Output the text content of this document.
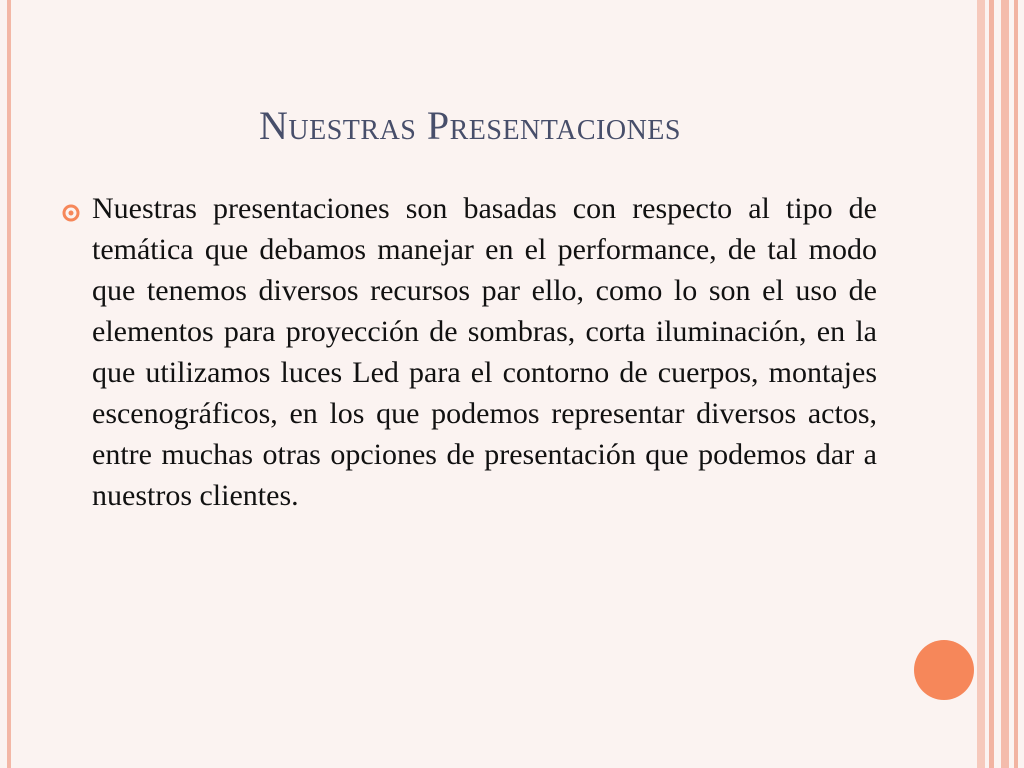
Nuestras Presentaciones
Nuestras presentaciones son basadas con respecto al tipo de temática que debamos manejar en el performance, de tal modo que tenemos diversos recursos par ello, como lo son el uso de elementos para proyección de sombras, corta iluminación, en la que utilizamos luces Led para el contorno de cuerpos, montajes escenográficos, en los que podemos representar diversos actos, entre muchas otras opciones de presentación que podemos dar a nuestros clientes.
